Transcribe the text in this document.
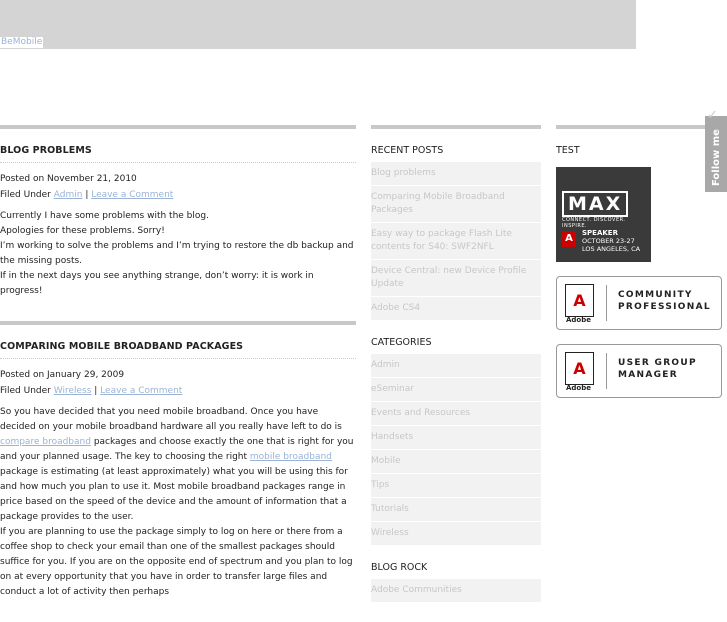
BeMobile
BLOG PROBLEMS
Posted on November 21, 2010
Filed Under Admin | Leave a Comment

Currently I have some problems with the blog.

Apologies for these problems. Sorry!

I’m working to solve the problems and I’m trying to restore the db backup and the missing posts.

If in the next days you see anything strange, don’t worry: it is work in progress!

COMPARING MOBILE BROADBAND PACKAGES
Posted on January 29, 2009
Filed Under Wireless | Leave a Comment

So you have decided that you need mobile broadband. Once you have decided on your mobile broadband hardware all you really have left to do is compare broadband packages and choose exactly the one that is right for you and your planned usage. The key to choosing the right mobile broadband package is estimating (at least approximately) what you will be using this for and how much you plan to use it. Most mobile broadband packages range in price based on the speed of the device and the amount of information that a package provides to the user.

If you are planning to use the package simply to log on here or there from a coffee shop to check your email than one of the smallest packages should suffice for you. If you are on the opposite end of spectrum and you plan to log on at every opportunity that you have in order to transfer large files and conduct a lot of activity then perhaps

RECENT POSTS
Blog problems
Comparing Mobile Broadband Packages
Easy way to package Flash Lite contents for S40: SWF2NFL
Device Central: new Device Profile Update
Adobe CS4
CATEGORIES
Admin
eSeminar
Events and Resources
Handsets
Mobile
Tips
Tutorials
Wireless
BLOG ROCK
Adobe Communities
TEST
MAX
CONNECT. DISCOVER. INSPIRE.
A	SPEAKER
OCTOBER 23-27
LOS ANGELES, CA
A
Adobe
COMMUNITY
PROFESSIONAL
A
Adobe
USER GROUP
MANAGER
✓
Follow me
